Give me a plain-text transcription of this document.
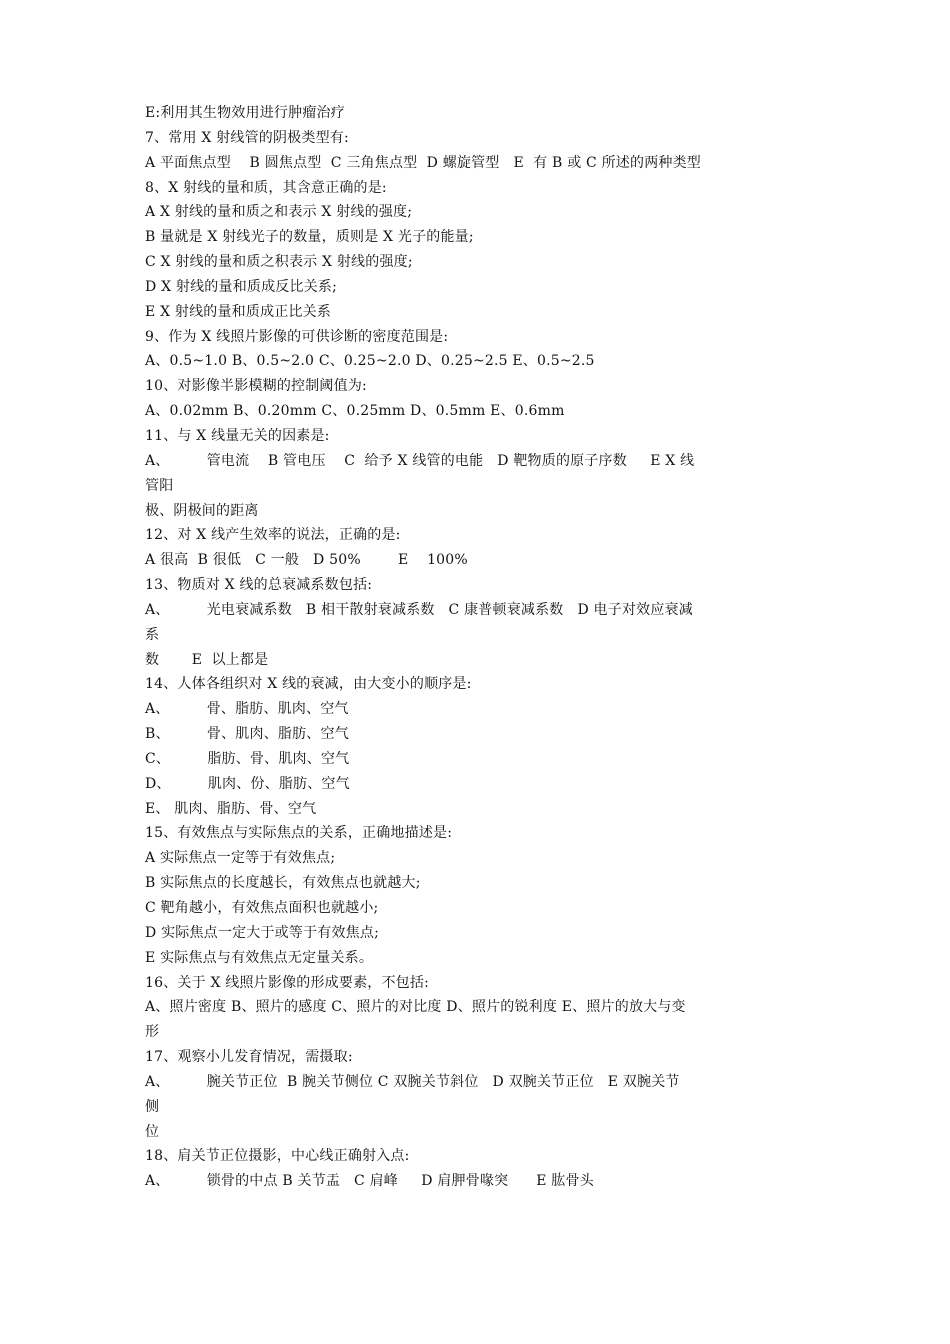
E:利用其生物效用进行肿瘤治疗
7、常用 X 射线管的阴极类型有:
A 平面焦点型    B 圆焦点型  C 三角焦点型  D 螺旋管型   E  有 B 或 C 所述的两种类型
8、X 射线的量和质，其含意正确的是:
A X 射线的量和质之和表示 X 射线的强度;
B 量就是 X 射线光子的数量，质则是 X 光子的能量;
C X 射线的量和质之积表示 X 射线的强度;
D X 射线的量和质成反比关系;
E X 射线的量和质成正比关系
9、作为 X 线照片影像的可供诊断的密度范围是:
A、0.5~1.0 B、0.5~2.0 C、0.25~2.0 D、0.25~2.5 E、0.5~2.5
10、对影像半影模糊的控制阈值为:
A、0.02mm B、0.20mm C、0.25mm D、0.5mm E、0.6mm
11、与 X 线量无关的因素是:
A、        管电流    B 管电压    C  给予 X 线管的电能   D 靶物质的原子序数     E X 线
管阳
极、阴极间的距离
12、对 X 线产生效率的说法，正确的是:
A 很高  B 很低   C 一般   D 50%        E    100%
13、物质对 X 线的总衰减系数包括:
A、        光电衰减系数   B 相干散射衰减系数   C 康普顿衰减系数   D 电子对效应衰减
系
数       E  以上都是
14、人体各组织对 X 线的衰减，由大变小的顺序是:
A、        骨、脂肪、肌肉、空气
B、        骨、肌肉、脂肪、空气
C、        脂肪、骨、肌肉、空气
D、        肌肉、份、脂肪、空气
E、 肌肉、脂肪、骨、空气
15、有效焦点与实际焦点的关系，正确地描述是:
A 实际焦点一定等于有效焦点;
B 实际焦点的长度越长，有效焦点也就越大;
C 靶角越小，有效焦点面积也就越小;
D 实际焦点一定大于或等于有效焦点;
E 实际焦点与有效焦点无定量关系。
16、关于 X 线照片影像的形成要素，不包括:
A、照片密度 B、照片的感度 C、照片的对比度 D、照片的锐利度 E、照片的放大与变
形
17、观察小儿发育情况，需摄取:
A、        腕关节正位  B 腕关节侧位 C 双腕关节斜位   D 双腕关节正位   E 双腕关节
侧
位
18、肩关节正位摄影，中心线正确射入点:
A、        锁骨的中点 B 关节盂   C 肩峰     D 肩胛骨喙突      E 肱骨头
